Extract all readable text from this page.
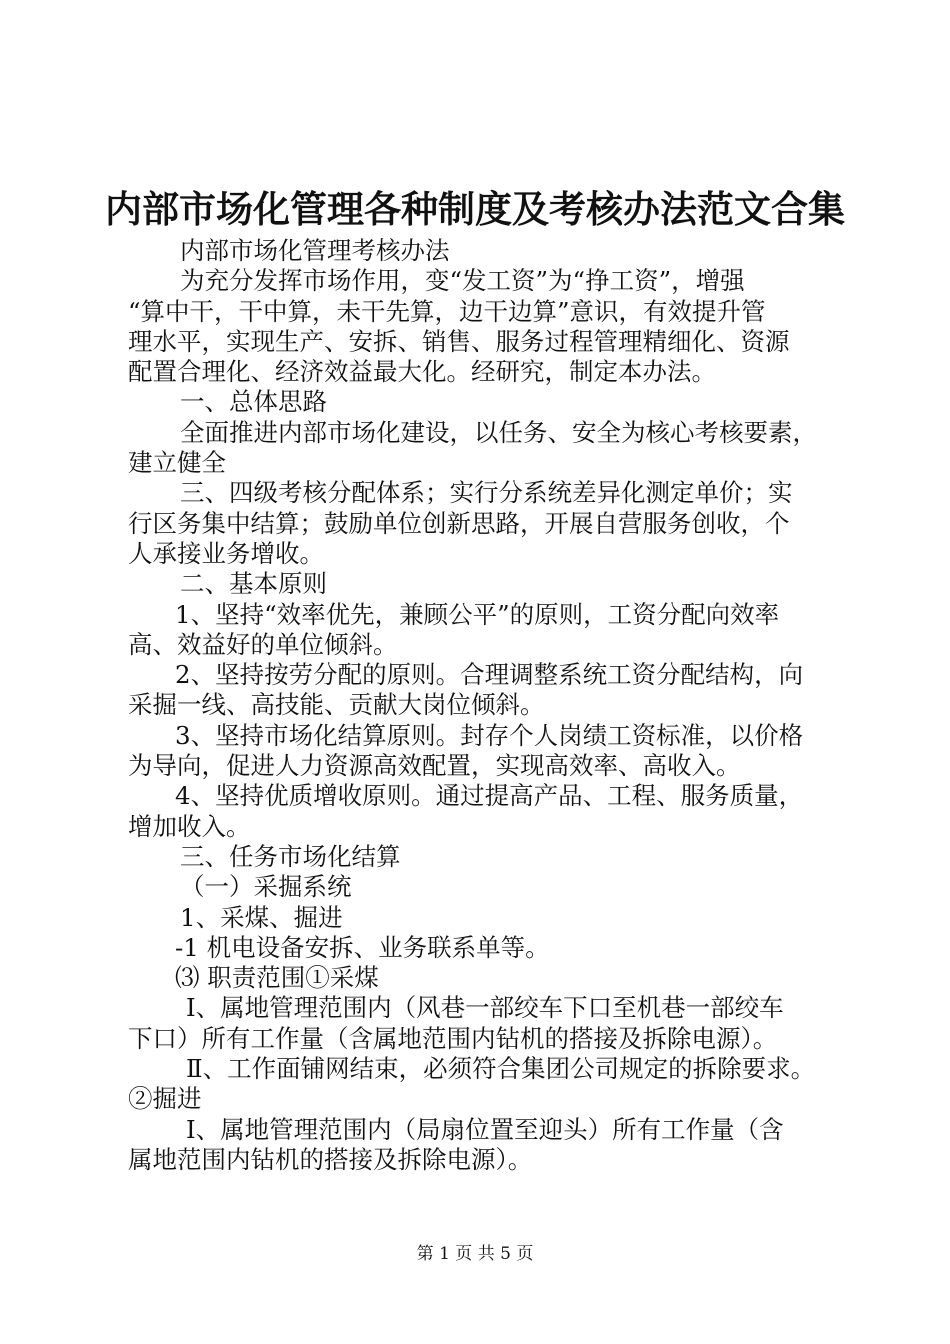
内部市场化管理各种制度及考核办法范文合集
内部市场化管理考核办法
为充分发挥市场作用，变“发工资”为“挣工资”，增强
“算中干，干中算，未干先算，边干边算”意识，有效提升管
理水平，实现生产、安拆、销售、服务过程管理精细化、资源
配置合理化、经济效益最大化。经研究，制定本办法。
一、总体思路
全面推进内部市场化建设，以任务、安全为核心考核要素，
建立健全
三、四级考核分配体系；实行分系统差异化测定单价；实
行区务集中结算；鼓励单位创新思路，开展自营服务创收，个
人承接业务增收。
二、基本原则
1、坚持“效率优先，兼顾公平”的原则，工资分配向效率
高、效益好的单位倾斜。
2、坚持按劳分配的原则。合理调整系统工资分配结构，向
采掘一线、高技能、贡献大岗位倾斜。
3、坚持市场化结算原则。封存个人岗绩工资标准，以价格
为导向，促进人力资源高效配置，实现高效率、高收入。
4、坚持优质增收原则。通过提高产品、工程、服务质量，
增加收入。
三、任务市场化结算
（一）采掘系统
1、采煤、掘进
-1 机电设备安拆、业务联系单等。
⑶ 职责范围①采煤
Ⅰ、属地管理范围内（风巷一部绞车下口至机巷一部绞车
下口）所有工作量（含属地范围内钻机的搭接及拆除电源）。
Ⅱ、工作面铺网结束，必须符合集团公司规定的拆除要求。
②掘进
Ⅰ、属地管理范围内（局扇位置至迎头）所有工作量（含
属地范围内钻机的搭接及拆除电源）。
第 1 页 共 5 页
